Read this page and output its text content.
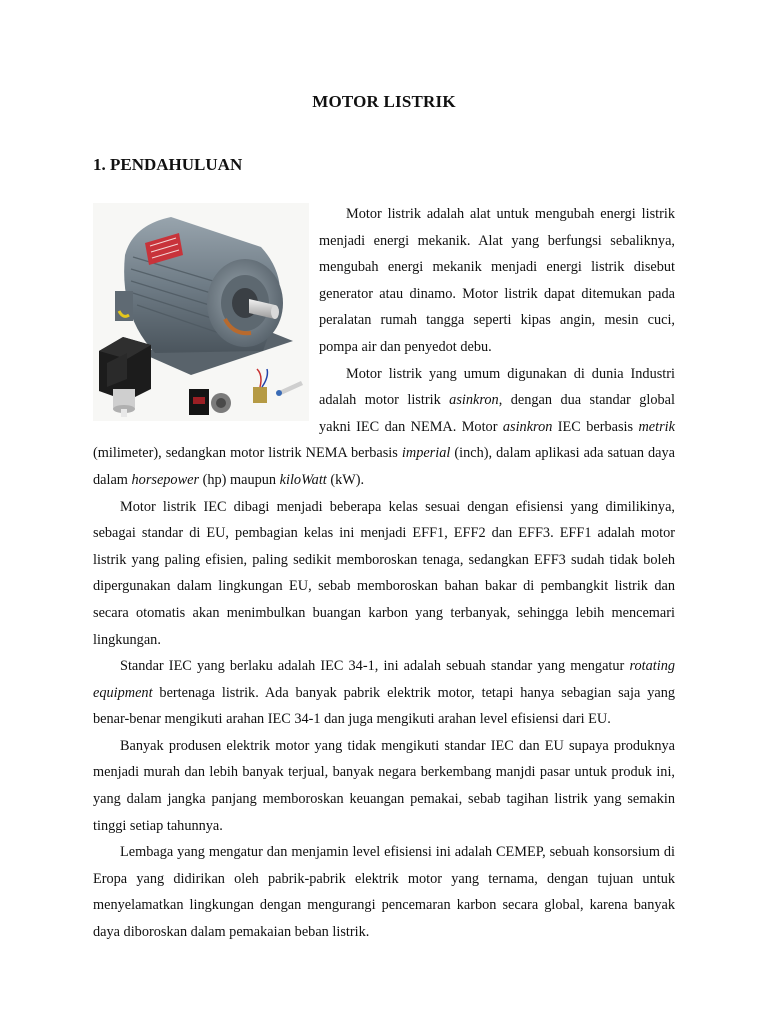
MOTOR LISTRIK
1. PENDAHULUAN

Motor listrik adalah alat untuk mengubah energi listrik menjadi energi mekanik. Alat yang berfungsi sebaliknya, mengubah energi mekanik menjadi energi listrik disebut generator atau dinamo. Motor listrik dapat ditemukan pada peralatan rumah tangga seperti kipas angin, mesin cuci, pompa air dan penyedot debu.

Motor listrik yang umum digunakan di dunia Industri adalah motor listrik asinkron, dengan dua standar global yakni IEC dan NEMA. Motor asinkron IEC berbasis metrik (milimeter), sedangkan motor listrik NEMA berbasis imperial (inch), dalam aplikasi ada satuan daya dalam horsepower (hp) maupun kiloWatt (kW).

Motor listrik IEC dibagi menjadi beberapa kelas sesuai dengan efisiensi yang dimilikinya, sebagai standar di EU, pembagian kelas ini menjadi EFF1, EFF2 dan EFF3. EFF1 adalah motor listrik yang paling efisien, paling sedikit memboroskan tenaga, sedangkan EFF3 sudah tidak boleh dipergunakan dalam lingkungan EU, sebab memboroskan bahan bakar di pembangkit listrik dan secara otomatis akan menimbulkan buangan karbon yang terbanyak, sehingga lebih mencemari lingkungan.

Standar IEC yang berlaku adalah IEC 34-1, ini adalah sebuah standar yang mengatur rotating equipment bertenaga listrik. Ada banyak pabrik elektrik motor, tetapi hanya sebagian saja yang benar-benar mengikuti arahan IEC 34-1 dan juga mengikuti arahan level efisiensi dari EU.

Banyak produsen elektrik motor yang tidak mengikuti standar IEC dan EU supaya produknya menjadi murah dan lebih banyak terjual, banyak negara berkembang manjdi pasar untuk produk ini, yang dalam jangka panjang memboroskan keuangan pemakai, sebab tagihan listrik yang semakin tinggi setiap tahunnya.

Lembaga yang mengatur dan menjamin level efisiensi ini adalah CEMEP, sebuah konsorsium di Eropa yang didirikan oleh pabrik-pabrik elektrik motor yang ternama, dengan tujuan untuk menyelamatkan lingkungan dengan mengurangi pencemaran karbon secara global, karena banyak daya diboroskan dalam pemakaian beban listrik.
